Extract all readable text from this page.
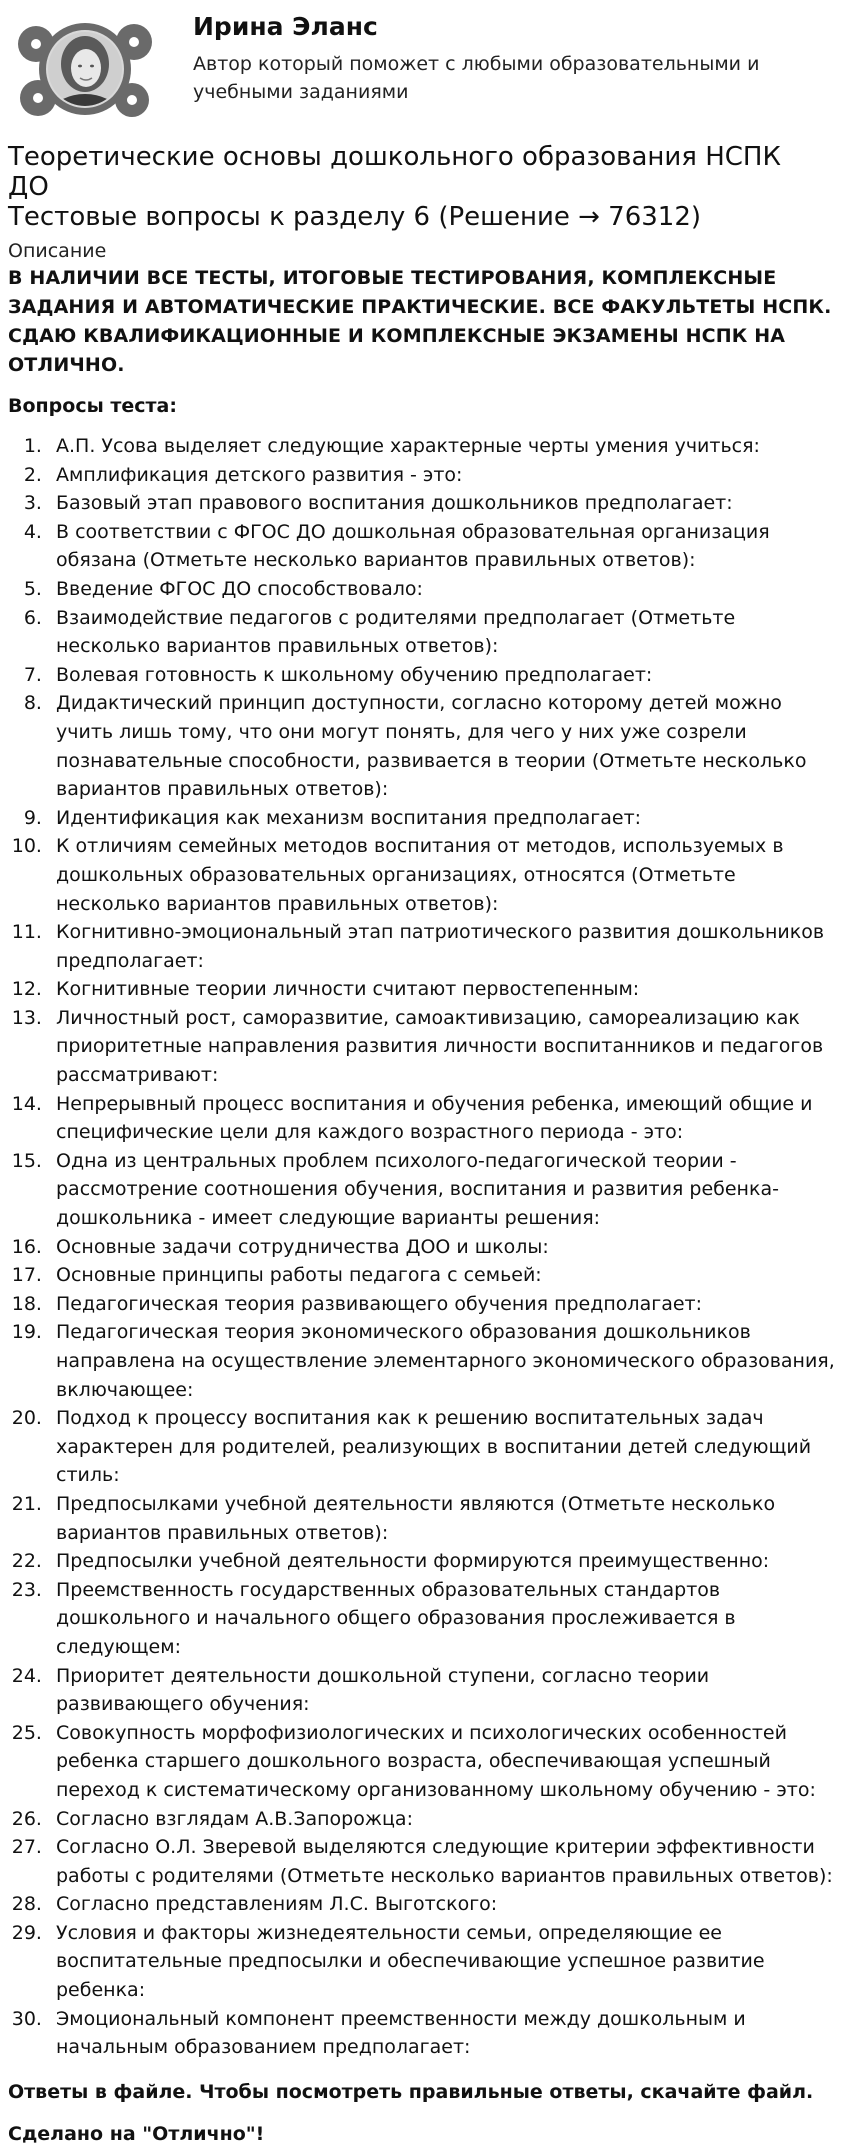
Ирина Эланс
Автор который поможет с любыми образовательными и учебными заданиями
Теоретические основы дошкольного образования НСПК ДО
Тестовые вопросы к разделу 6 (Решение → 76312)
Описание

В НАЛИЧИИ ВСЕ ТЕСТЫ, ИТОГОВЫЕ ТЕСТИРОВАНИЯ, КОМПЛЕКСНЫЕ ЗАДАНИЯ И АВТОМАТИЧЕСКИЕ ПРАКТИЧЕСКИЕ. ВСЕ ФАКУЛЬТЕТЫ НСПК. СДАЮ КВАЛИФИКАЦИОННЫЕ И КОМПЛЕКСНЫЕ ЭКЗАМЕНЫ НСПК НА ОТЛИЧНО.

Вопросы теста:

1. А.П. Усова выделяет следующие характерные черты умения учиться:
2. Амплификация детского развития - это:
3. Базовый этап правового воспитания дошкольников предполагает:
4. В соответствии с ФГОС ДО дошкольная образовательная организация обязана (Отметьте несколько вариантов правильных ответов):
5. Введение ФГОС ДО способствовало:
6. Взаимодействие педагогов с родителями предполагает (Отметьте несколько вариантов правильных ответов):
7. Волевая готовность к школьному обучению предполагает:
8. Дидактический принцип доступности, согласно которому детей можно учить лишь тому, что они могут понять, для чего у них уже созрели познавательные способности, развивается в теории (Отметьте несколько вариантов правильных ответов):
9. Идентификация как механизм воспитания предполагает:
10. К отличиям семейных методов воспитания от методов, используемых в дошкольных образовательных организациях, относятся (Отметьте несколько вариантов правильных ответов):
11. Когнитивно-эмоциональный этап патриотического развития дошкольников предполагает:
12. Когнитивные теории личности считают первостепенным:
13. Личностный рост, саморазвитие, самоактивизацию, самореализацию как приоритетные направления развития личности воспитанников и педагогов рассматривают:
14. Непрерывный процесс воспитания и обучения ребенка, имеющий общие и специфические цели для каждого возрастного периода - это:
15. Одна из центральных проблем психолого-педагогической теории - рассмотрение соотношения обучения, воспитания и развития ребенка-дошкольника - имеет следующие варианты решения:
16. Основные задачи сотрудничества ДОО и школы:
17. Основные принципы работы педагога с семьей:
18. Педагогическая теория развивающего обучения предполагает:
19. Педагогическая теория экономического образования дошкольников направлена на осуществление элементарного экономического образования, включающее:
20. Подход к процессу воспитания как к решению воспитательных задач характерен для родителей, реализующих в воспитании детей следующий стиль:
21. Предпосылками учебной деятельности являются (Отметьте несколько вариантов правильных ответов):
22. Предпосылки учебной деятельности формируются преимущественно:
23. Преемственность государственных образовательных стандартов дошкольного и начального общего образования прослеживается в следующем:
24. Приоритет деятельности дошкольной ступени, согласно теории развивающего обучения:
25. Совокупность морфофизиологических и психологических особенностей ребенка старшего дошкольного возраста, обеспечивающая успешный переход к систематическому организованному школьному обучению - это:
26. Согласно взглядам А.В.Запорожца:
27. Согласно О.Л. Зверевой выделяются следующие критерии эффективности работы с родителями (Отметьте несколько вариантов правильных ответов):
28. Согласно представлениям Л.С. Выготского:
29. Условия и факторы жизнедеятельности семьи, определяющие ее воспитательные предпосылки и обеспечивающие успешное развитие ребенка:
30. Эмоциональный компонент преемственности между дошкольным и начальным образованием предполагает:

Ответы в файле. Чтобы посмотреть правильные ответы, скачайте файл.

Сделано на "Отлично"!
